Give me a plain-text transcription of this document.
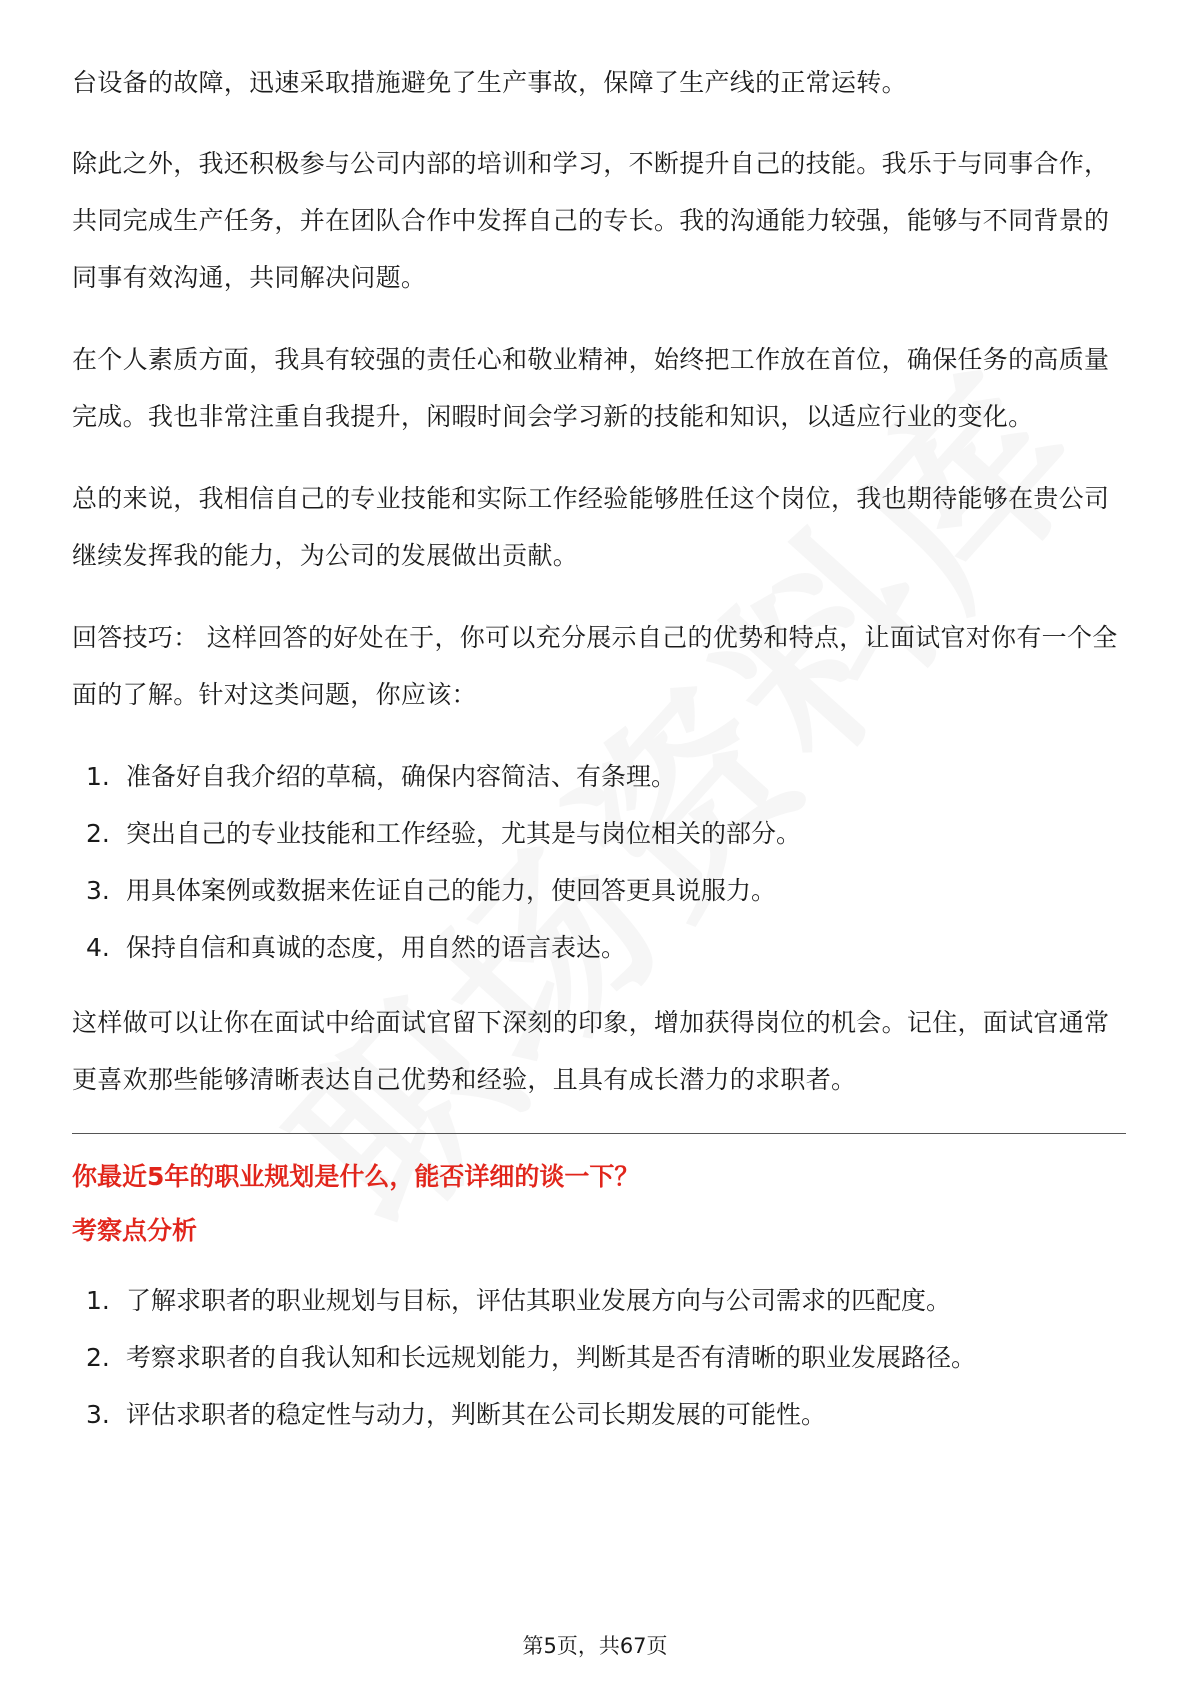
台设备的故障，迅速采取措施避免了生产事故，保障了生产线的正常运转。

除此之外，我还积极参与公司内部的培训和学习，不断提升自己的技能。我乐于与同事合作，共同完成生产任务，并在团队合作中发挥自己的专长。我的沟通能力较强，能够与不同背景的同事有效沟通，共同解决问题。

在个人素质方面，我具有较强的责任心和敬业精神，始终把工作放在首位，确保任务的高质量完成。我也非常注重自我提升，闲暇时间会学习新的技能和知识，以适应行业的变化。

总的来说，我相信自己的专业技能和实际工作经验能够胜任这个岗位，我也期待能够在贵公司继续发挥我的能力，为公司的发展做出贡献。

回答技巧： 这样回答的好处在于，你可以充分展示自己的优势和特点，让面试官对你有一个全面的了解。针对这类问题，你应该：

1. 准备好自我介绍的草稿，确保内容简洁、有条理。
2. 突出自己的专业技能和工作经验，尤其是与岗位相关的部分。
3. 用具体案例或数据来佐证自己的能力，使回答更具说服力。
4. 保持自信和真诚的态度，用自然的语言表达。

这样做可以让你在面试中给面试官留下深刻的印象，增加获得岗位的机会。记住，面试官通常更喜欢那些能够清晰表达自己优势和经验，且具有成长潜力的求职者。

你最近5年的职业规划是什么，能否详细的谈一下？

考察点分析

1. 了解求职者的职业规划与目标，评估其职业发展方向与公司需求的匹配度。
2. 考察求职者的自我认知和长远规划能力，判断其是否有清晰的职业发展路径。
3. 评估求职者的稳定性与动力，判断其在公司长期发展的可能性。
第5页，共67页
